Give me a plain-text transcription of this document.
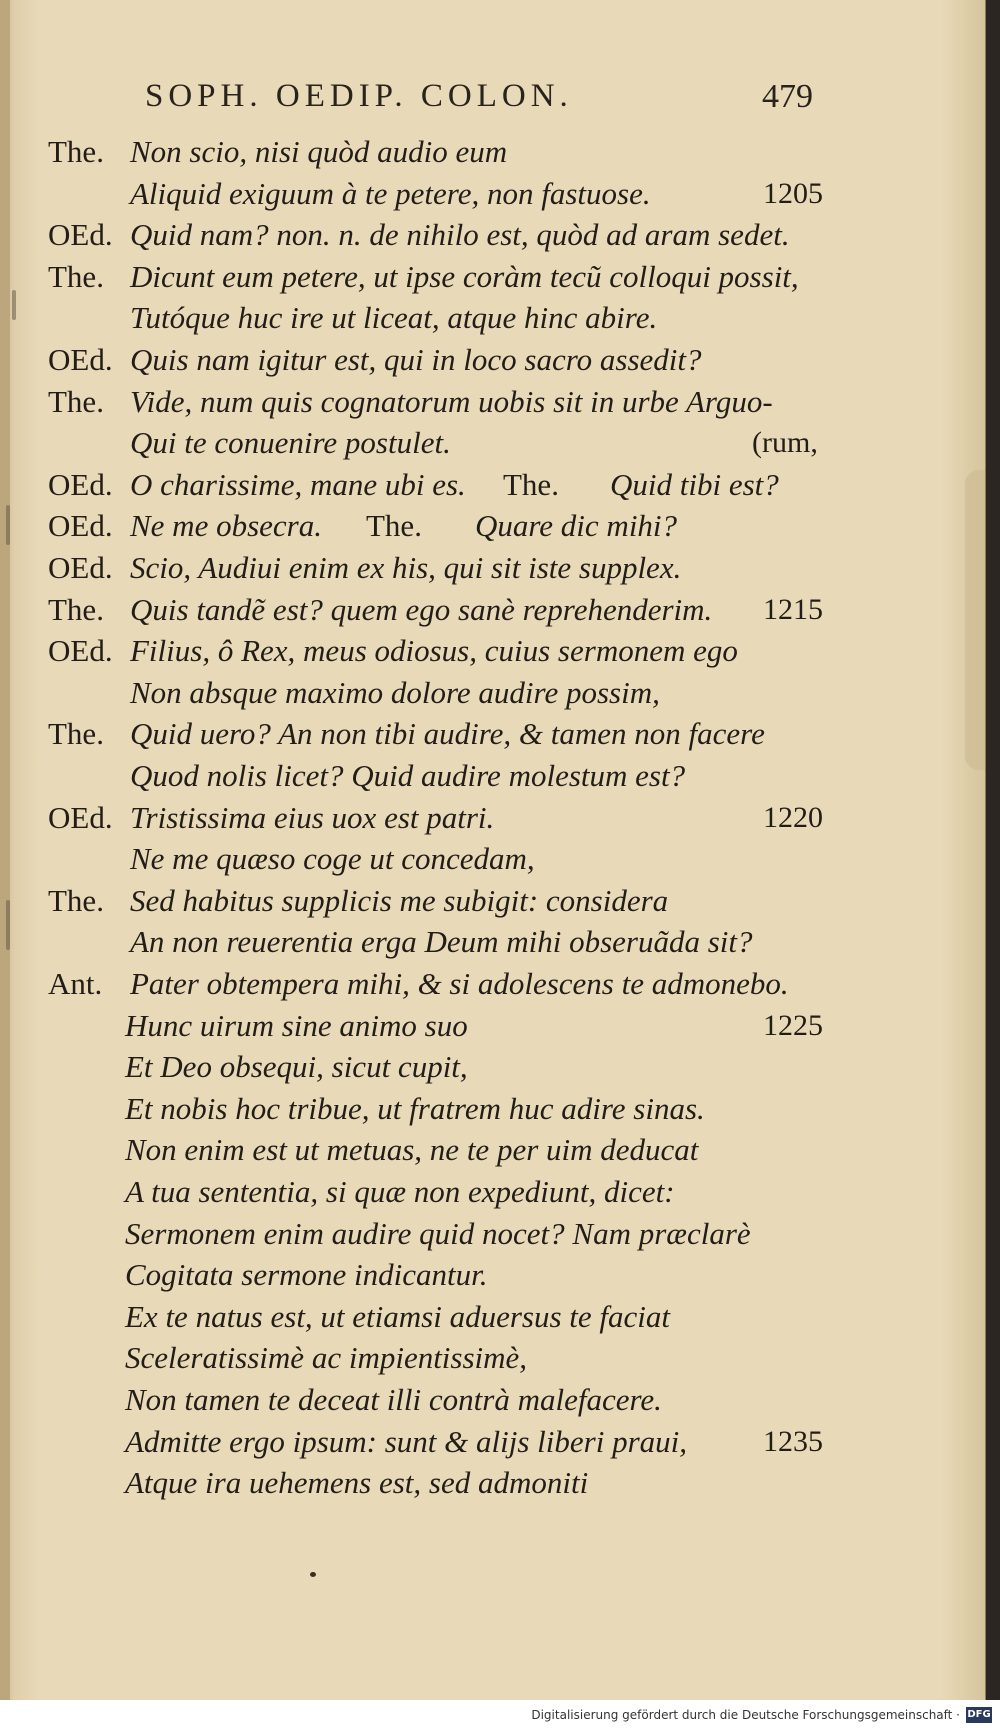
SOPH. OEDIP. COLON.	479
The. Non scio, nisi quòd audio eum
Aliquid exiguum à te petere, non fastuose.	1205
OEd. Quid nam? non. n. de nihilo est, quòd ad aram sedet.
The. Dicunt eum petere, ut ipse coràm tecũ colloqui possit,
Tutóque huc ire ut liceat, atque hinc abire.
OEd. Quis nam igitur est, qui in loco sacro assedit?
The. Vide, num quis cognatorum uobis sit in urbe Arguo-
Qui te conuenire postulet.	(rum,
OEd. O charissime, mane ubi es. The. Quid tibi est?
OEd. Ne me obsecra. The. Quare dic mihi?
OEd. Scio, Audiui enim ex his, qui sit iste supplex.
The. Quis tandẽ est? quem ego sanè reprehenderim. 1215
OEd. Filius, ô Rex, meus odiosus, cuius sermonem ego
Non absque maximo dolore audire possim,
The. Quid uero? An non tibi audire, & tamen non facere
Quod nolis licet? Quid audire molestum est?
OEd. Tristissima eius uox est patri.	1220
Ne me quæso coge ut concedam,
The. Sed habitus supplicis me subigit: considera
An non reuerentia erga Deum mihi obseruãda sit?
Ant. Pater obtempera mihi, & si adolescens te admonebo.
Hunc uirum sine animo suo	1225
Et Deo obsequi, sicut cupit,
Et nobis hoc tribue, ut fratrem huc adire sinas.
Non enim est ut metuas, ne te per uim deducat
A tua sententia, si quæ non expediunt, dicet:
Sermonem enim audire quid nocet? Nam præclarè
Cogitata sermone indicantur.
Ex te natus est, ut etiamsi aduersus te faciat
Sceleratissimè ac impientissimè,
Non tamen te deceat illi contrà malefacere.
Admitte ergo ipsum: sunt & alijs liberi praui,	1235
Atque ira uehemens est, sed admoniti
Digitalisierung gefördert durch die Deutsche Forschungsgemeinschaft · DFG
